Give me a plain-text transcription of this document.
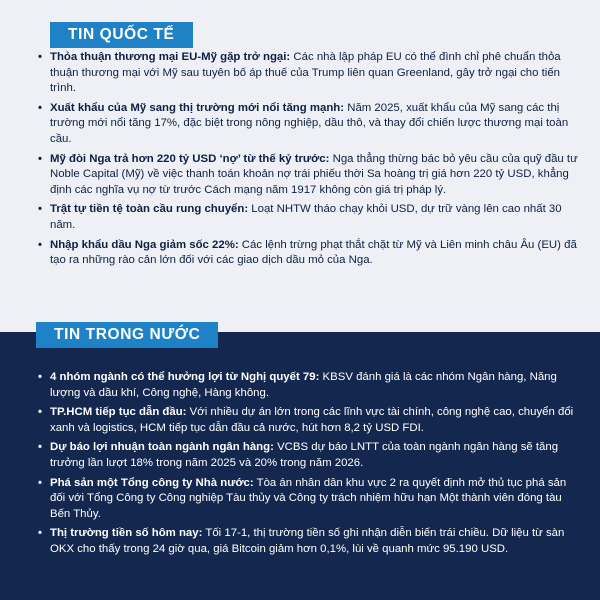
TIN QUỐC TẾ
• Thỏa thuận thương mại EU-Mỹ gặp trở ngại: Các nhà lập pháp EU có thể đình chỉ phê chuẩn thỏa thuận thương mại với Mỹ sau tuyên bố áp thuế của Trump liên quan Greenland, gây trở ngại cho tiến trình.
• Xuất khẩu của Mỹ sang thị trường mới nổi tăng mạnh: Năm 2025, xuất khẩu của Mỹ sang các thị trường mới nổi tăng 17%, đặc biệt trong nông nghiệp, dầu thô, và thay đổi chiến lược thương mại toàn cầu.
• Mỹ đòi Nga trả hơn 220 tỷ USD ‘nợ’ từ thế kỷ trước: Nga thẳng thừng bác bỏ yêu cầu của quỹ đầu tư Noble Capital (Mỹ) về việc thanh toán khoản nợ trái phiếu thời Sa hoàng trị giá hơn 220 tỷ USD, khẳng định các nghĩa vụ nợ từ trước Cách mạng năm 1917 không còn giá trị pháp lý.
• Trật tự tiền tệ toàn cầu rung chuyển: Loạt NHTW tháo chạy khỏi USD, dự trữ vàng lên cao nhất 30 năm.
• Nhập khẩu dầu Nga giảm sốc 22%: Các lệnh trừng phạt thắt chặt từ Mỹ và Liên minh châu Âu (EU) đã tạo ra những rào cản lớn đối với các giao dịch dầu mỏ của Nga.
• 4 nhóm ngành có thể hưởng lợi từ Nghị quyết 79: KBSV đánh giá là các nhóm Ngân hàng, Năng lượng và dầu khí, Công nghệ, Hàng không.
• TP.HCM tiếp tục dẫn đầu: Với nhiều dự án lớn trong các lĩnh vực tài chính, công nghệ cao, chuyển đổi xanh và logistics, HCM tiếp tục dẫn đầu cả nước, hút hơn 8,2 tỷ USD FDI.
• Dự báo lợi nhuận toàn ngành ngân hàng: VCBS dự báo LNTT của toàn ngành ngân hàng sẽ tăng trưởng lần lượt 18% trong năm 2025 và 20% trong năm 2026.
• Phá sản một Tổng công ty Nhà nước: Tòa án nhân dân khu vực 2 ra quyết định mở thủ tục phá sản đối với Tổng Công ty Công nghiệp Tàu thủy và Công ty trách nhiệm hữu hạn Một thành viên đóng tàu Bến Thủy.
• Thị trường tiền số hôm nay: Tối 17-1, thị trường tiền số ghi nhận diễn biến trái chiều. Dữ liệu từ sàn OKX cho thấy trong 24 giờ qua, giá Bitcoin giảm hơn 0,1%, lùi về quanh mức 95.190 USD.
TIN TRONG NƯỚC
